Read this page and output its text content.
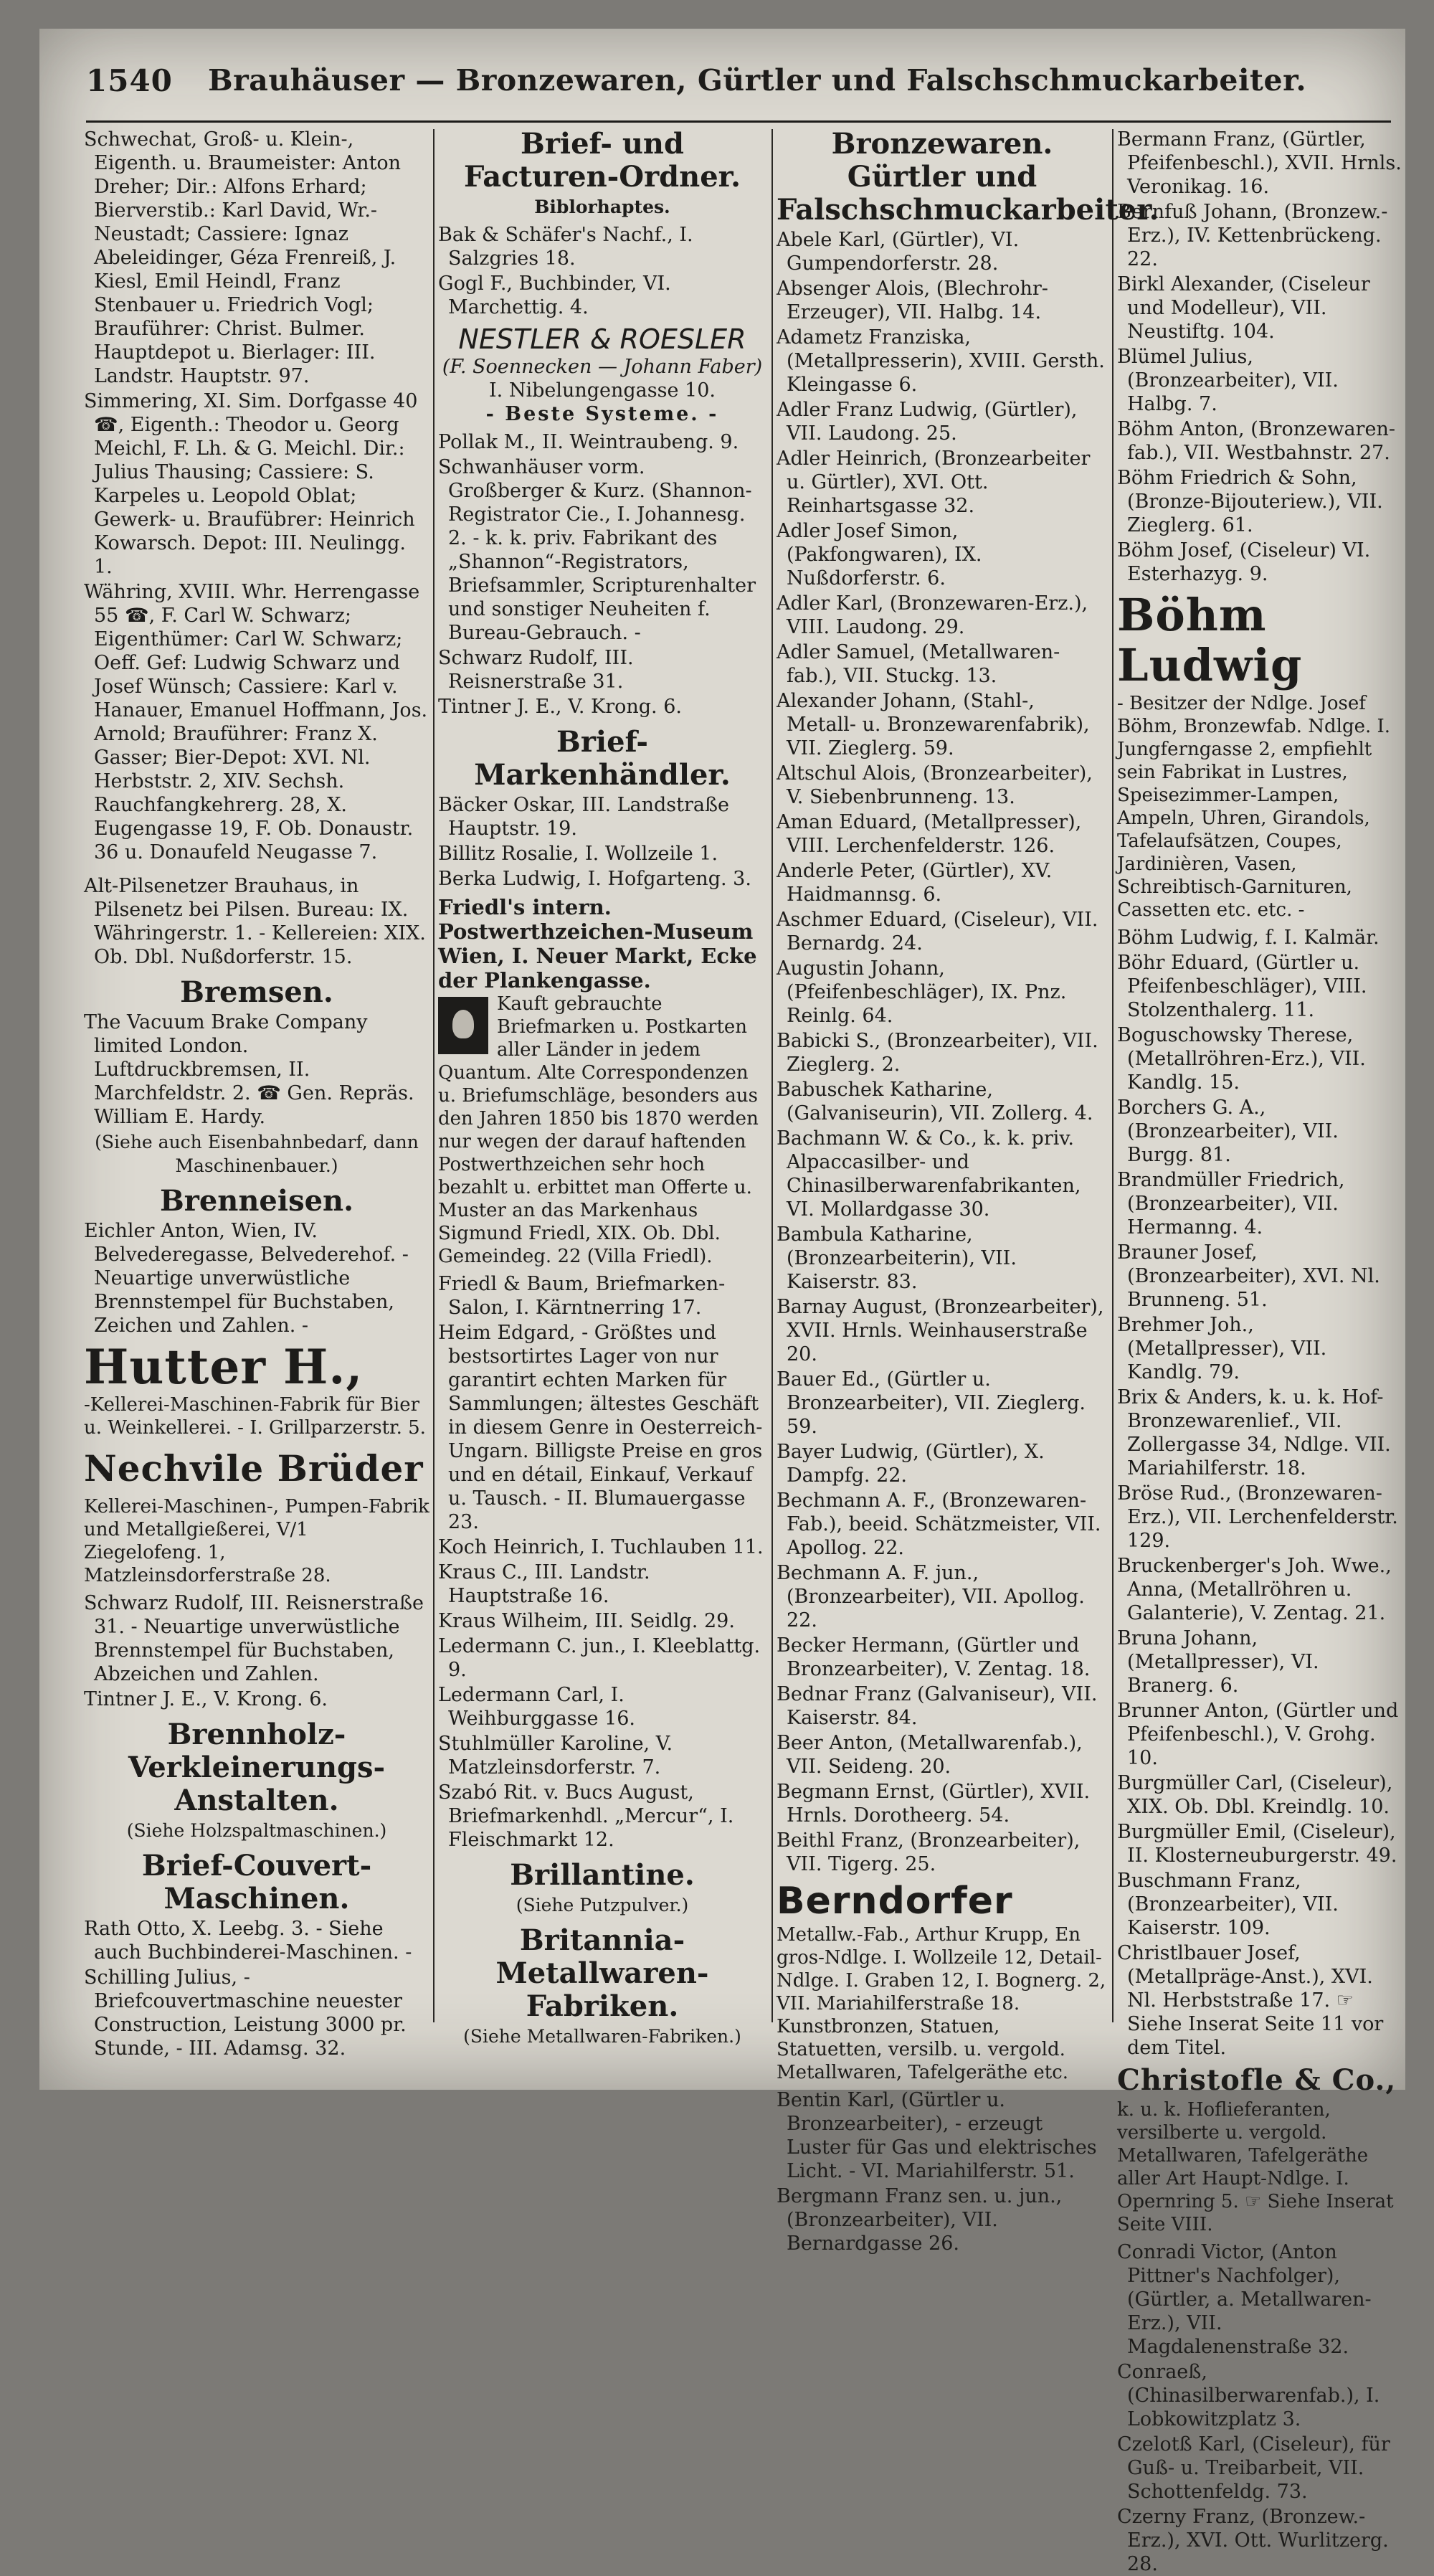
1540 Brauhäuser — Bronzewaren, Gürtler und Falschschmuckarbeiter.
Schwechat, Groß- u. Klein-, Eigenth. u. Braumeister: Anton Dreher; Dir.: Alfons Erhard; Bierverstib.: Karl David, Wr.-Neustadt; Cassiere: Ignaz Abeleidinger, Géza Frenreiß, J. Kiesl, Emil Heindl, Franz Stenbauer u. Friedrich Vogl; Brauführer: Christ. Bulmer. Hauptdepot u. Bierlager: III. Landstr. Hauptstr. 97.
Simmering, XI. Sim. Dorfgasse 40 ☎, Eigenth.: Theodor u. Georg Meichl, F. Lh. & G. Meichl. Dir.: Julius Thausing; Cassiere: S. Karpeles u. Leopold Oblat; Gewerk- u. Braufübrer: Heinrich Kowarsch. Depot: III. Neulingg. 1.
Währing, XVIII. Whr. Herrengasse 55 ☎, F. Carl W. Schwarz; Eigenthümer: Carl W. Schwarz; Oeff. Gef: Ludwig Schwarz und Josef Wünsch; Cassiere: Karl v. Hanauer, Emanuel Hoffmann, Jos. Arnold; Brauführer: Franz X. Gasser; Bier-Depot: XVI. Nl. Herbststr. 2, XIV. Sechsh. Rauchfangkehrerg. 28, X. Eugengasse 19, F. Ob. Donaustr. 36 u. Donaufeld Neugasse 7.
Alt-Pilsenetzer Brauhaus, in Pilsenetz bei Pilsen. Bureau: IX. Währingerstr. 1. - Kellereien: XIX. Ob. Dbl. Nußdorferstr. 15.
Bremsen.
The Vacuum Brake Company limited London. Luftdruckbremsen, II. Marchfeldstr. 2. ☎ Gen. Repräs. William E. Hardy.
(Siehe auch Eisenbahnbedarf, dann Maschinenbauer.)
Brenneisen.
Eichler Anton, Wien, IV. Belvederegasse, Belvederehof. - Neuartige unverwüstliche Brennstempel für Buchstaben, Zeichen und Zahlen. -
Hutter H.,
-Kellerei-Maschinen-Fabrik für Bier u. Weinkellerei. - I. Grillparzerstr. 5.
Nechvile Brüder
Kellerei-Maschinen-, Pumpen-Fabrik und Metallgießerei, V/1 Ziegelofeng. 1, Matzleinsdorferstraße 28.
Schwarz Rudolf, III. Reisnerstraße 31. - Neuartige unverwüstliche Brennstempel für Buchstaben, Abzeichen und Zahlen.
Tintner J. E., V. Krong. 6.
Brennholz-Verkleinerungs-Anstalten.
(Siehe Holzspaltmaschinen.)
Brief-Couvert-Maschinen.
Rath Otto, X. Leebg. 3. - Siehe auch Buchbinderei-Maschinen. -
Schilling Julius, - Briefcouvertmaschine neuester Construction, Leistung 3000 pr. Stunde, - III. Adamsg. 32.
Brief- und Facturen-Ordner.
Biblorhaptes.
Bak & Schäfer's Nachf., I. Salzgries 18.
Gogl F., Buchbinder, VI. Marchettig. 4.
NESTLER & ROESLER
(F. Soennecken — Johann Faber)
I. Nibelungengasse 10.
- Beste Systeme. -
Pollak M., II. Weintraubeng. 9.
Schwanhäuser vorm. Großberger & Kurz. (Shannon-Registrator Cie., I. Johannesg. 2. - k. k. priv. Fabrikant des „Shannon“-Registrators, Briefsammler, Scripturenhalter und sonstiger Neuheiten f. Bureau-Gebrauch. -
Schwarz Rudolf, III. Reisnerstraße 31.
Tintner J. E., V. Krong. 6.
Brief-Markenhändler.
Bäcker Oskar, III. Landstraße Hauptstr. 19.
Billitz Rosalie, I. Wollzeile 1.
Berka Ludwig, I. Hofgarteng. 3.
Friedl's intern. Postwerthzeichen-Museum Wien, I. Neuer Markt, Ecke der Plankengasse.
Kauft gebrauchte Briefmarken u. Postkarten aller Länder in jedem Quantum. Alte Correspondenzen u. Briefumschläge, besonders aus den Jahren 1850 bis 1870 werden nur wegen der darauf haftenden Postwerthzeichen sehr hoch bezahlt u. erbittet man Offerte u. Muster an das Markenhaus
Sigmund Friedl, XIX. Ob. Dbl. Gemeindeg. 22 (Villa Friedl).
Friedl & Baum, Briefmarken-Salon, I. Kärntnerring 17.
Heim Edgard, - Größtes und bestsortirtes Lager von nur garantirt echten Marken für Sammlungen; ältestes Geschäft in diesem Genre in Oesterreich-Ungarn. Billigste Preise en gros und en détail, Einkauf, Verkauf u. Tausch. - II. Blumauergasse 23.
Koch Heinrich, I. Tuchlauben 11.
Kraus C., III. Landstr. Hauptstraße 16.
Kraus Wilheim, III. Seidlg. 29.
Ledermann C. jun., I. Kleeblattg. 9.
Ledermann Carl, I. Weihburggasse 16.
Stuhlmüller Karoline, V. Matzleinsdorferstr. 7.
Szabó Rit. v. Bucs August, Briefmarkenhdl. „Mercur“, I. Fleischmarkt 12.
Brillantine.
(Siehe Putzpulver.)
Britannia-Metallwaren-Fabriken.
(Siehe Metallwaren-Fabriken.)
Bronzewaren. Gürtler und Falschschmuckarbeiter.
Abele Karl, (Gürtler), VI. Gumpendorferstr. 28.
Absenger Alois, (Blechrohr-Erzeuger), VII. Halbg. 14.
Adametz Franziska, (Metallpresserin), XVIII. Gersth. Kleingasse 6.
Adler Franz Ludwig, (Gürtler), VII. Laudong. 25.
Adler Heinrich, (Bronzearbeiter u. Gürtler), XVI. Ott. Reinhartsgasse 32.
Adler Josef Simon, (Pakfongwaren), IX. Nußdorferstr. 6.
Adler Karl, (Bronzewaren-Erz.), VIII. Laudong. 29.
Adler Samuel, (Metallwaren-fab.), VII. Stuckg. 13.
Alexander Johann, (Stahl-, Metall- u. Bronzewarenfabrik), VII. Zieglerg. 59.
Altschul Alois, (Bronzearbeiter), V. Siebenbrunneng. 13.
Aman Eduard, (Metallpresser), VIII. Lerchenfelderstr. 126.
Anderle Peter, (Gürtler), XV. Haidmannsg. 6.
Aschmer Eduard, (Ciseleur), VII. Bernardg. 24.
Augustin Johann, (Pfeifenbeschläger), IX. Pnz. Reinlg. 64.
Babicki S., (Bronzearbeiter), VII. Zieglerg. 2.
Babuschek Katharine, (Galvaniseurin), VII. Zollerg. 4.
Bachmann W. & Co., k. k. priv. Alpaccasilber- und Chinasilberwarenfabrikanten, VI. Mollardgasse 30.
Bambula Katharine, (Bronzearbeiterin), VII. Kaiserstr. 83.
Barnay August, (Bronzearbeiter), XVII. Hrnls. Weinhauserstraße 20.
Bauer Ed., (Gürtler u. Bronzearbeiter), VII. Zieglerg. 59.
Bayer Ludwig, (Gürtler), X. Dampfg. 22.
Bechmann A. F., (Bronzewaren-Fab.), beeid. Schätzmeister, VII. Apollog. 22.
Bechmann A. F. jun., (Bronzearbeiter), VII. Apollog. 22.
Becker Hermann, (Gürtler und Bronzearbeiter), V. Zentag. 18.
Bednar Franz (Galvaniseur), VII. Kaiserstr. 84.
Beer Anton, (Metallwarenfab.), VII. Seideng. 20.
Begmann Ernst, (Gürtler), XVII. Hrnls. Dorotheerg. 54.
Beithl Franz, (Bronzearbeiter), VII. Tigerg. 25.
Berndorfer
Metallw.-Fab., Arthur Krupp, En gros-Ndlge. I. Wollzeile 12, Detail-Ndlge. I. Graben 12, I. Bognerg. 2, VII. Mariahilferstraße 18. Kunstbronzen, Statuen, Statuetten, versilb. u. vergold. Metallwaren, Tafelgeräthe etc.
Bentin Karl, (Gürtler u. Bronzearbeiter), - erzeugt Luster für Gas und elektrisches Licht. - VI. Mariahilferstr. 51.
Bergmann Franz sen. u. jun., (Bronzearbeiter), VII. Bernardgasse 26.
Bermann Franz, (Gürtler, Pfeifenbeschl.), XVII. Hrnls. Veronikag. 16.
Bernfuß Johann, (Bronzew.-Erz.), IV. Kettenbrückeng. 22.
Birkl Alexander, (Ciseleur und Modelleur), VII. Neustiftg. 104.
Blümel Julius, (Bronzearbeiter), VII. Halbg. 7.
Böhm Anton, (Bronzewaren-fab.), VII. Westbahnstr. 27.
Böhm Friedrich & Sohn, (Bronze-Bijouteriew.), VII. Zieglerg. 61.
Böhm Josef, (Ciseleur) VI. Esterhazyg. 9.
Böhm Ludwig
- Besitzer der Ndlge. Josef Böhm, Bronzewfab. Ndlge. I. Jungferngasse 2, empfiehlt sein Fabrikat in Lustres, Speisezimmer-Lampen, Ampeln, Uhren, Girandols, Tafelaufsätzen, Coupes, Jardinièren, Vasen, Schreibtisch-Garnituren, Cassetten etc. etc. -
Böhm Ludwig, f. I. Kalmär.
Böhr Eduard, (Gürtler u. Pfeifenbeschläger), VIII. Stolzenthalerg. 11.
Boguschowsky Therese, (Metallröhren-Erz.), VII. Kandlg. 15.
Borchers G. A., (Bronzearbeiter), VII. Burgg. 81.
Brandmüller Friedrich, (Bronzearbeiter), VII. Hermanng. 4.
Brauner Josef, (Bronzearbeiter), XVI. Nl. Brunneng. 51.
Brehmer Joh., (Metallpresser), VII. Kandlg. 79.
Brix & Anders, k. u. k. Hof-Bronzewarenlief., VII. Zollergasse 34, Ndlge. VII. Mariahilferstr. 18.
Bröse Rud., (Bronzewaren-Erz.), VII. Lerchenfelderstr. 129.
Bruckenberger's Joh. Wwe., Anna, (Metallröhren u. Galanterie), V. Zentag. 21.
Bruna Johann, (Metallpresser), VI. Branerg. 6.
Brunner Anton, (Gürtler und Pfeifenbeschl.), V. Grohg. 10.
Burgmüller Carl, (Ciseleur), XIX. Ob. Dbl. Kreindlg. 10.
Burgmüller Emil, (Ciseleur), II. Klosterneuburgerstr. 49.
Buschmann Franz, (Bronzearbeiter), VII. Kaiserstr. 109.
Christlbauer Josef, (Metallpräge-Anst.), XVI. Nl. Herbststraße 17. ☞ Siehe Inserat Seite 11 vor dem Titel.
Christofle & Co.,
k. u. k. Hoflieferanten, versilberte u. vergold. Metallwaren, Tafelgeräthe aller Art Haupt-Ndlge. I. Opernring 5. ☞ Siehe Inserat Seite VIII.
Conradi Victor, (Anton Pittner's Nachfolger), (Gürtler, a. Metallwaren-Erz.), VII. Magdalenenstraße 32.
Conraeß, (Chinasilberwarenfab.), I. Lobkowitzplatz 3.
Czelotß Karl, (Ciseleur), für Guß- u. Treibarbeit, VII. Schottenfeldg. 73.
Czerny Franz, (Bronzew.-Erz.), XVI. Ott. Wurlitzerg. 28.
